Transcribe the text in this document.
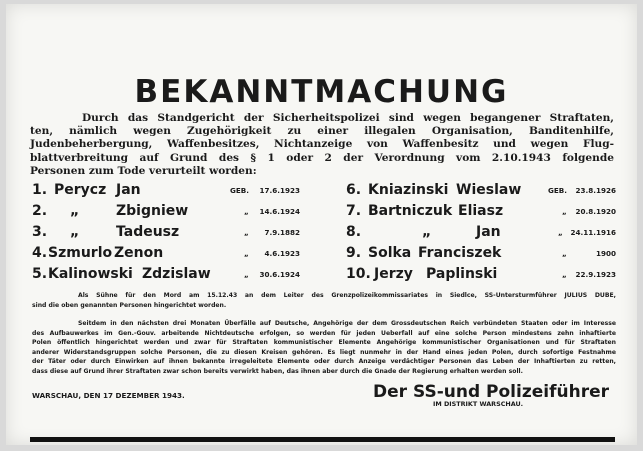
BEKANNTMACHUNG
Durch das Standgericht der Sicherheitspolizei sind wegen begangener Straftaten,
ten, nämlich wegen Zugehörigkeit zu einer illegalen Organisation, Banditenhilfe,
Judenbeherbergung, Waffenbesitzes, Nichtanzeige von Waffenbesitz und wegen Flug-
blattverbreitung auf Grund des § 1 oder 2 der Verordnung vom 2.10.1943 folgende
Personen zum Tode verurteilt worden:
1. Perycz Jan	GEB. 17.6.1923
2. „	Zbigniew	„ 14.6.1924
3. „	Tadeusz	„ 7.9.1882
4. Szmurlo Zenon	„ 4.6.1923
5. Kalinowski Zdzislaw	„ 30.6.1924
6. Kniazinski Wieslaw	GEB. 23.8.1926
7. Bartniczuk Eliasz	„ 20.8.1920
8.	„	Jan	„ 24.11.1916
9. Solka Franciszek	„	1900
10. Jerzy Paplinski	„ 22.9.1923
Als Sühne für den Mord am 15.12.43 an dem Leiter des Grenzpolizeikommissariates in Siedlce, SS-Untersturmführer JULIUS DUBE,
sind die oben genannten Personen hingerichtet worden.
Seitdem in den nächsten drei Monaten Überfälle auf Deutsche, Angehörige der dem Grossdeutschen Reich verbündeten Staaten oder im Interesse
des Aufbauwerkes im Gen.-Gouv. arbeitende Nichtdeutsche erfolgen, so werden für jeden Ueberfall auf eine solche Person mindestens zehn inhaftierte
Polen öffentlich hingerichtet werden und zwar für Straftaten kommunistischer Elemente Angehörige kommunistischer Organisationen und für Straftaten
anderer Widerstandsgruppen solche Personen, die zu diesen Kreisen gehören. Es liegt nunmehr in der Hand eines jeden Polen, durch sofortige Festnahme
der Täter oder durch Einwirken auf ihnen bekannte irregeleitete Elemente oder durch Anzeige verdächtiger Personen das Leben der Inhaftierten zu retten,
dass diese auf Grund ihrer Straftaten zwar schon bereits verwirkt haben, das ihnen aber durch die Gnade der Regierung erhalten werden soll.
WARSCHAU, DEN 17 DEZEMBER 1943.	Der SS-und Polizeiführer
IM DISTRIKT WARSCHAU.
